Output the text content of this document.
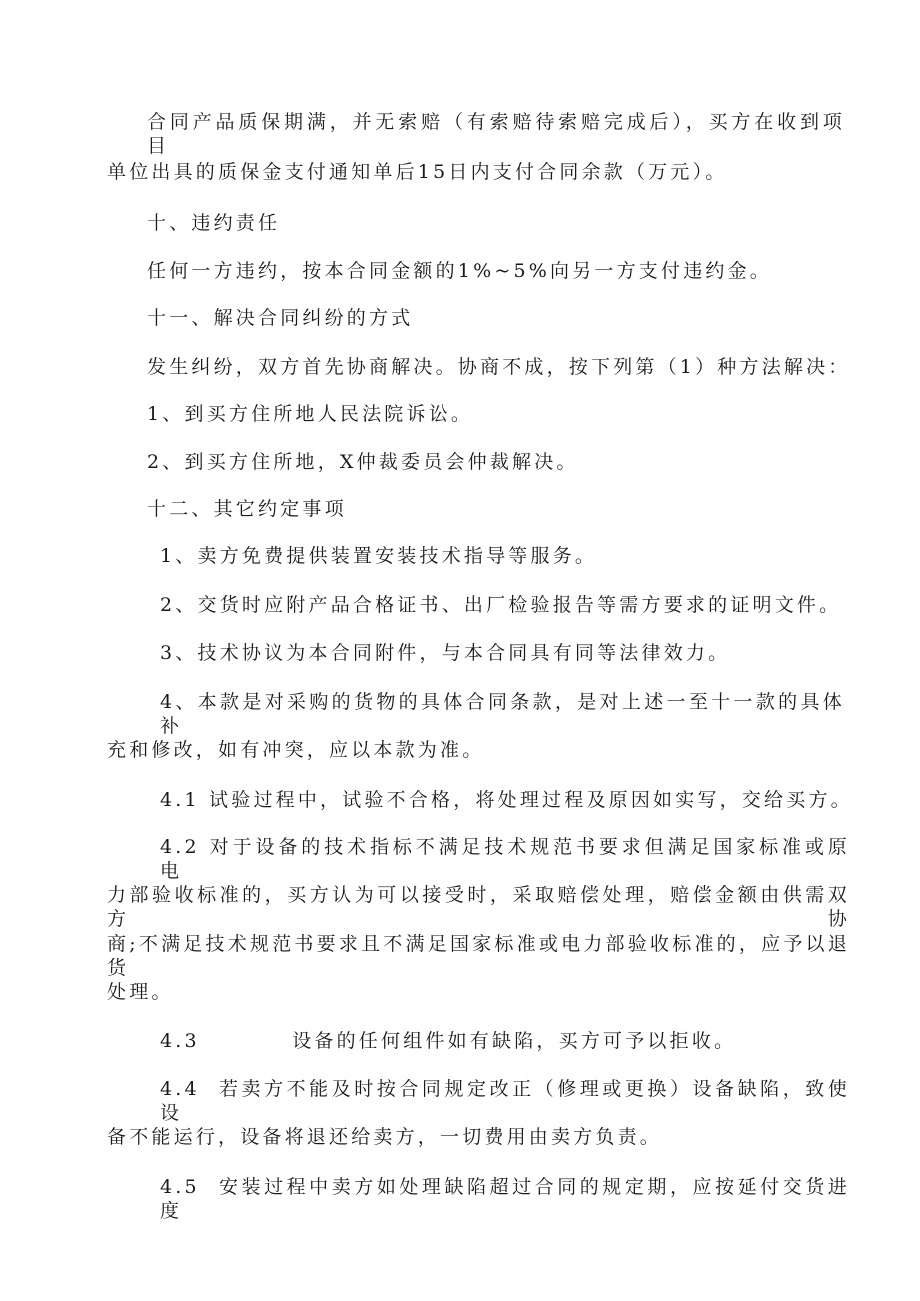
合同产品质保期满，并无索赔（有索赔待索赔完成后），买方在收到项目
单位出具的质保金支付通知单后15日内支付合同余款（万元）。
十、违约责任
任何一方违约，按本合同金额的1%~5%向另一方支付违约金。
十一、解决合同纠纷的方式
发生纠纷，双方首先协商解决。协商不成，按下列第（1）种方法解决：
1、到买方住所地人民法院诉讼。
2、到买方住所地，X仲裁委员会仲裁解决。
十二、其它约定事项
1、卖方免费提供装置安装技术指导等服务。
2、交货时应附产品合格证书、出厂检验报告等需方要求的证明文件。
3、技术协议为本合同附件，与本合同具有同等法律效力。
4、本款是对采购的货物的具体合同条款，是对上述一至十一款的具体补
充和修改，如有冲突，应以本款为准。
4.1 试验过程中，试验不合格，将处理过程及原因如实写，交给买方。
4.2 对于设备的技术指标不满足技术规范书要求但满足国家标准或原电
力部验收标准的，买方认为可以接受时，采取赔偿处理，赔偿金额由供需双方协
商;不满足技术规范书要求且不满足国家标准或电力部验收标准的，应予以退货
处理。
4.3          设备的任何组件如有缺陷，买方可予以拒收。
4.4  若卖方不能及时按合同规定改正（修理或更换）设备缺陷，致使设
备不能运行，设备将退还给卖方，一切费用由卖方负责。
4.5  安装过程中卖方如处理缺陷超过合同的规定期，应按延付交货进度
